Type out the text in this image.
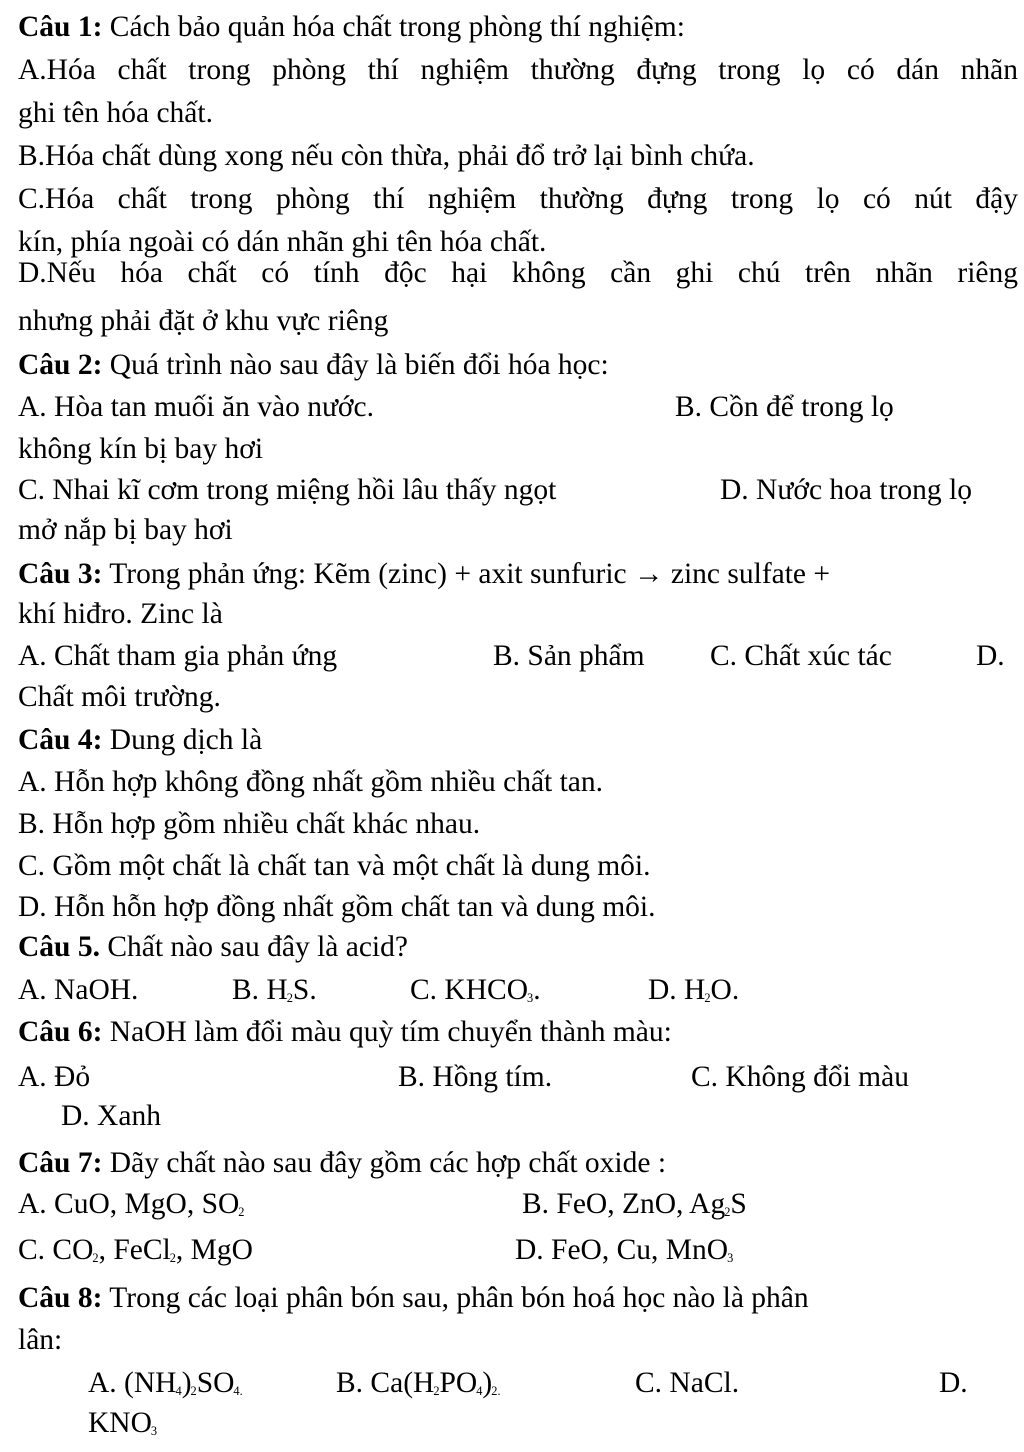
Câu 1: Cách bảo quản hóa chất trong phòng thí nghiệm:
A.Hóa chất trong phòng thí nghiệm thường đựng trong lọ có dán nhãn
ghi tên hóa chất.
B.Hóa chất dùng xong nếu còn thừa, phải đổ trở lại bình chứa.
C.Hóa chất trong phòng thí nghiệm thường đựng trong lọ có nút đậy
kín, phía ngoài có dán nhãn ghi tên hóa chất.
D.Nếu hóa chất có tính độc hại không cần ghi chú trên nhãn riêng
nhưng phải đặt ở khu vực riêng
Câu 2: Quá trình nào sau đây là biến đổi hóa học:
A. Hòa tan muối ăn vào nước.	B. Cồn để trong lọ
không kín bị bay hơi
C. Nhai kĩ cơm trong miệng hồi lâu thấy ngọt	D. Nước hoa trong lọ
mở nắp bị bay hơi
Câu 3: Trong phản ứng: Kẽm (zinc) + axit sunfuric → zinc sulfate +
khí hiđro. Zinc là
A. Chất tham gia phản ứng	B. Sản phẩm C. Chất xúc tác	D.
Chất môi trường.
Câu 4: Dung dịch là
A. Hỗn hợp không đồng nhất gồm nhiều chất tan.
B. Hỗn hợp gồm nhiều chất khác nhau.
C. Gồm một chất là chất tan và một chất là dung môi.
D. Hỗn hỗn hợp đồng nhất gồm chất tan và dung môi.
Câu 5. Chất nào sau đây là acid?
A. NaOH.	B. H2S.	C. KHCO3.	D. H2O.
Câu 6: NaOH làm đổi màu quỳ tím chuyển thành màu:
A. Đỏ	B. Hồng tím.	C. Không đổi màu
D. Xanh
Câu 7: Dãy chất nào sau đây gồm các hợp chất oxide :
A. CuO, MgO, SO2	B. FeO, ZnO, Ag2S
C. CO2, FeCl2, MgO	D. FeO, Cu, MnO3
Câu 8: Trong các loại phân bón sau, phân bón hoá học nào là phân
lân:
A. (NH4)2SO4.	B. Ca(H2PO4)2.	C. NaCl.	D.
KNO3
